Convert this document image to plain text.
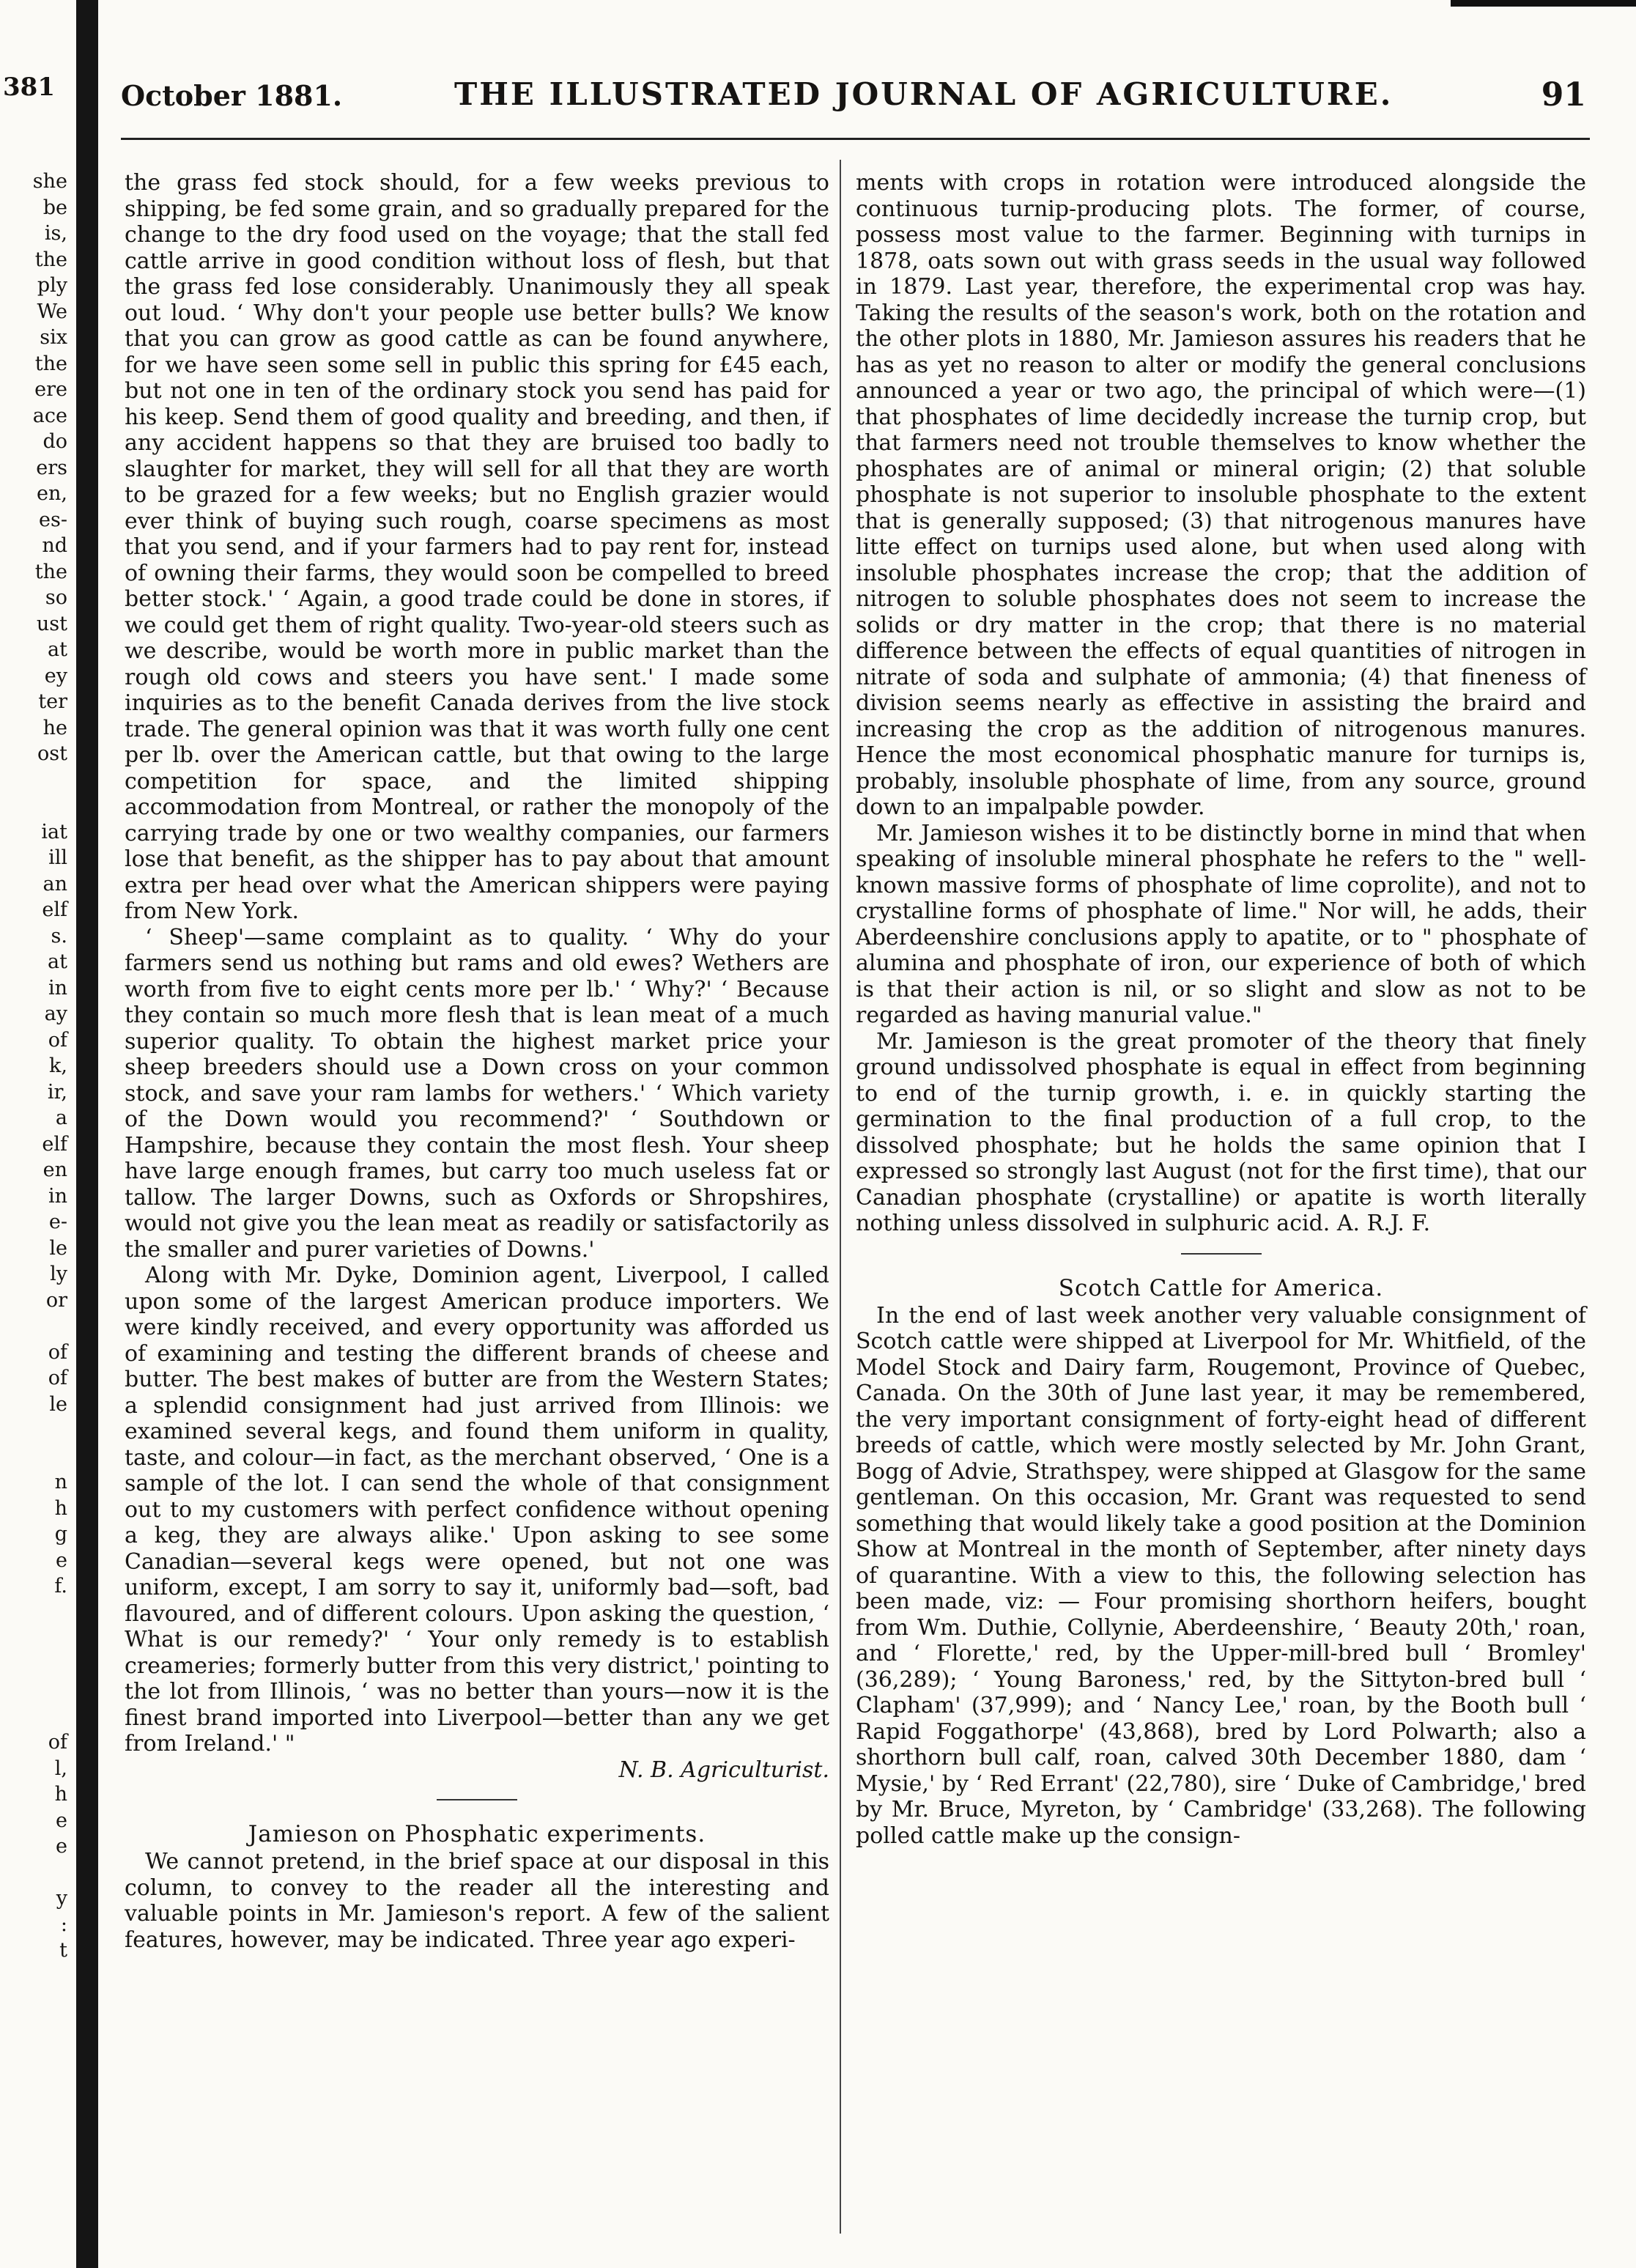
381
she
be
is,
the
ply
We
six
the
ere
ace
do
ers
en,
es-
nd
the
so
ust
at
ey
ter
he
ost
iat
ill
an
elf
s.
at
in
ay
of
k,
ir,
a
elf
en
in
e-
le
ly
or
of
of
le
n
h
g
e
f.
of
l,
h
e
e
y
:
t
October 1881.	THE ILLUSTRATED JOURNAL OF AGRICULTURE.	91

the grass fed stock should, for a few weeks previous to shipping, be fed some grain, and so gradually prepared for the change to the dry food used on the voyage; that the stall fed cattle arrive in good condition without loss of flesh, but that the grass fed lose considerably. Unanimously they all speak out loud. ‘ Why don't your people use better bulls? We know that you can grow as good cattle as can be found anywhere, for we have seen some sell in public this spring for £45 each, but not one in ten of the ordinary stock you send has paid for his keep. Send them of good quality and breeding, and then, if any accident happens so that they are bruised too badly to slaughter for market, they will sell for all that they are worth to be grazed for a few weeks; but no English grazier would ever think of buying such rough, coarse specimens as most that you send, and if your farmers had to pay rent for, instead of owning their farms, they would soon be compelled to breed better stock.' ‘ Again, a good trade could be done in stores, if we could get them of right quality. Two-year-old steers such as we describe, would be worth more in public market than the rough old cows and steers you have sent.' I made some inquiries as to the benefit Canada derives from the live stock trade. The general opinion was that it was worth fully one cent per lb. over the American cattle, but that owing to the large competition for space, and the limited shipping accommodation from Montreal, or rather the monopoly of the carrying trade by one or two wealthy companies, our farmers lose that benefit, as the shipper has to pay about that amount extra per head over what the American shippers were paying from New York.

‘ Sheep'—same complaint as to quality. ‘ Why do your farmers send us nothing but rams and old ewes? Wethers are worth from five to eight cents more per lb.' ‘ Why?' ‘ Because they contain so much more flesh that is lean meat of a much superior quality. To obtain the highest market price your sheep breeders should use a Down cross on your common stock, and save your ram lambs for wethers.' ‘ Which variety of the Down would you recommend?' ‘ Southdown or Hampshire, because they contain the most flesh. Your sheep have large enough frames, but carry too much useless fat or tallow. The larger Downs, such as Oxfords or Shropshires, would not give you the lean meat as readily or satisfactorily as the smaller and purer varieties of Downs.'

Along with Mr. Dyke, Dominion agent, Liverpool, I called upon some of the largest American produce importers. We were kindly received, and every opportunity was afforded us of examining and testing the different brands of cheese and butter. The best makes of butter are from the Western States; a splendid consignment had just arrived from Illinois: we examined several kegs, and found them uniform in quality, taste, and colour—in fact, as the merchant observed, ‘ One is a sample of the lot. I can send the whole of that consignment out to my customers with perfect confidence without opening a keg, they are always alike.' Upon asking to see some Canadian—several kegs were opened, but not one was uniform, except, I am sorry to say it, uniformly bad—soft, bad flavoured, and of different colours. Upon asking the question, ‘ What is our remedy?' ‘ Your only remedy is to establish creameries; formerly butter from this very district,' pointing to the lot from Illinois, ‘ was no better than yours—now it is the finest brand imported into Liverpool—better than any we get from Ireland.' "

N. B. Agriculturist.

Jamieson on Phosphatic experiments.

We cannot pretend, in the brief space at our disposal in this column, to convey to the reader all the interesting and valuable points in Mr. Jamieson's report. A few of the salient features, however, may be indicated. Three year ago experi-

ments with crops in rotation were introduced alongside the continuous turnip-producing plots. The former, of course, possess most value to the farmer. Beginning with turnips in 1878, oats sown out with grass seeds in the usual way followed in 1879. Last year, therefore, the experimental crop was hay. Taking the results of the season's work, both on the rotation and the other plots in 1880, Mr. Jamieson assures his readers that he has as yet no reason to alter or modify the general conclusions announced a year or two ago, the principal of which were—(1) that phosphates of lime decidedly increase the turnip crop, but that farmers need not trouble themselves to know whether the phosphates are of animal or mineral origin; (2) that soluble phosphate is not superior to insoluble phosphate to the extent that is generally supposed; (3) that nitrogenous manures have litte effect on turnips used alone, but when used along with insoluble phosphates increase the crop; that the addition of nitrogen to soluble phosphates does not seem to increase the solids or dry matter in the crop; that there is no material difference between the effects of equal quantities of nitrogen in nitrate of soda and sulphate of ammonia; (4) that fineness of division seems nearly as effective in assisting the braird and increasing the crop as the addition of nitrogenous manures. Hence the most economical phosphatic manure for turnips is, probably, insoluble phosphate of lime, from any source, ground down to an impalpable powder.

Mr. Jamieson wishes it to be distinctly borne in mind that when speaking of insoluble mineral phosphate he refers to the " well-known massive forms of phosphate of lime coprolite), and not to crystalline forms of phosphate of lime." Nor will, he adds, their Aberdeenshire conclusions apply to apatite, or to " phosphate of alumina and phosphate of iron, our experience of both of which is that their action is nil, or so slight and slow as not to be regarded as having manurial value."

Mr. Jamieson is the great promoter of the theory that finely ground undissolved phosphate is equal in effect from beginning to end of the turnip growth, i. e. in quickly starting the germination to the final production of a full crop, to the dissolved phosphate; but he holds the same opinion that I expressed so strongly last August (not for the first time), that our Canadian phosphate (crystalline) or apatite is worth literally nothing unless dissolved in sulphuric acid. A. R.J. F.

Scotch Cattle for America.

In the end of last week another very valuable consignment of Scotch cattle were shipped at Liverpool for Mr. Whitfield, of the Model Stock and Dairy farm, Rougemont, Province of Quebec, Canada. On the 30th of June last year, it may be remembered, the very important consignment of forty-eight head of different breeds of cattle, which were mostly selected by Mr. John Grant, Bogg of Advie, Strathspey, were shipped at Glasgow for the same gentleman. On this occasion, Mr. Grant was requested to send something that would likely take a good position at the Dominion Show at Montreal in the month of September, after ninety days of quarantine. With a view to this, the following selection has been made, viz: — Four promising shorthorn heifers, bought from Wm. Duthie, Collynie, Aberdeenshire, ‘ Beauty 20th,' roan, and ‘ Florette,' red, by the Upper-mill-bred bull ‘ Bromley' (36,289); ‘ Young Baroness,' red, by the Sittyton-bred bull ‘ Clapham' (37,999); and ‘ Nancy Lee,' roan, by the Booth bull ‘ Rapid Foggathorpe' (43,868), bred by Lord Polwarth; also a shorthorn bull calf, roan, calved 30th December 1880, dam ‘ Mysie,' by ‘ Red Errant' (22,780), sire ‘ Duke of Cambridge,' bred by Mr. Bruce, Myreton, by ‘ Cambridge' (33,268). The following polled cattle make up the consign-
